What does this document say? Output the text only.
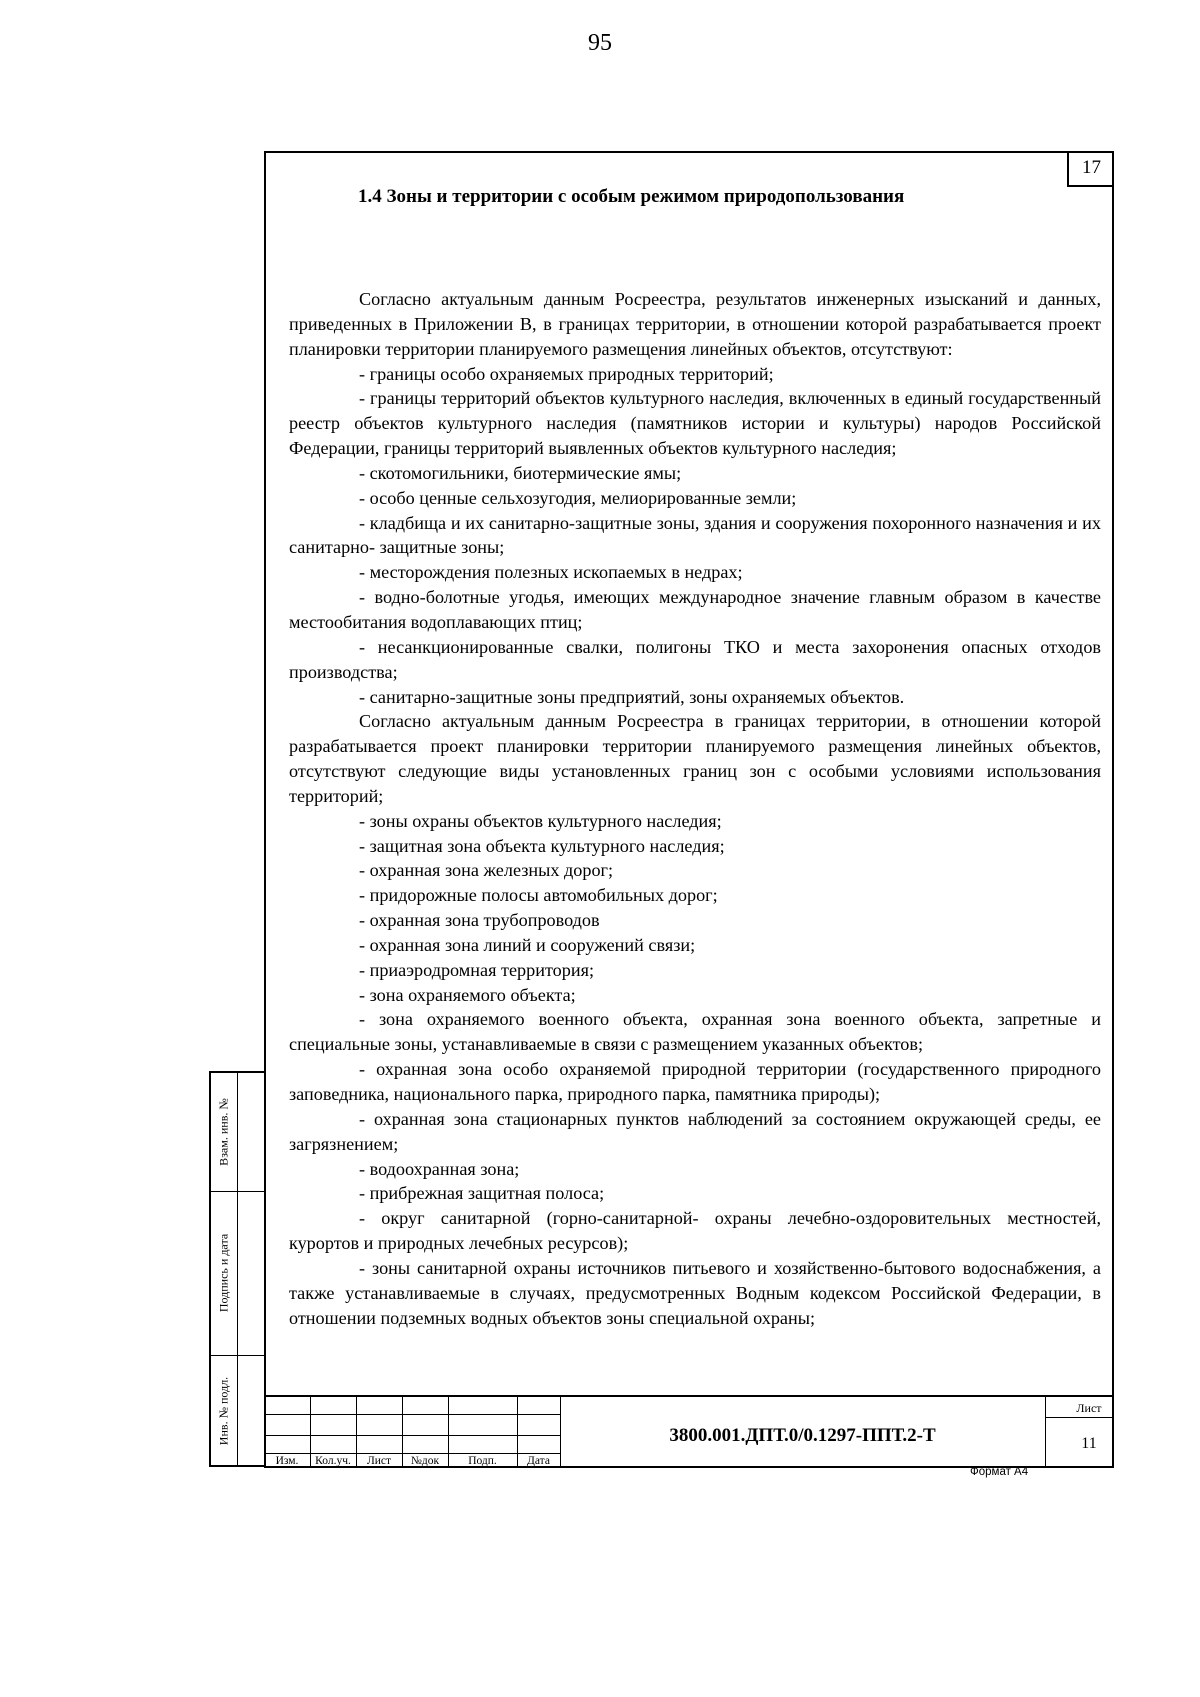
95
17
1.4 Зоны и территории с особым режимом природопользования

Согласно актуальным данным Росреестра, результатов инженерных изысканий и данных, приведенных в Приложении В, в границах территории, в отношении которой разрабатывается проект планировки территории планируемого размещения линейных объектов, отсутствуют:

- границы особо охраняемых природных территорий;

- границы территорий объектов культурного наследия, включенных в единый государственный реестр объектов культурного наследия (памятников истории и культуры) народов Российской Федерации, границы территорий выявленных объектов культурного наследия;

- скотомогильники, биотермические ямы;

- особо ценные сельхозугодия, мелиорированные земли;

- кладбища и их санитарно-защитные зоны, здания и сооружения похоронного назначения и их санитарно- защитные зоны;

- месторождения полезных ископаемых в недрах;

- водно-болотные угодья, имеющих международное значение главным образом в качестве местообитания водоплавающих птиц;

- несанкционированные свалки, полигоны ТКО и места захоронения опасных отходов производства;

- санитарно-защитные зоны предприятий, зоны охраняемых объектов.

Согласно актуальным данным Росреестра в границах территории, в отношении которой разрабатывается проект планировки территории планируемого размещения линейных объектов, отсутствуют следующие виды установленных границ зон с особыми условиями использования территорий;

- зоны охраны объектов культурного наследия;

- защитная зона объекта культурного наследия;

- охранная зона железных дорог;

- придорожные полосы автомобильных дорог;

- охранная зона трубопроводов

- охранная зона линий и сооружений связи;

- приаэродромная территория;

- зона охраняемого объекта;

- зона охраняемого военного объекта, охранная зона военного объекта, запретные и специальные зоны, устанавливаемые в связи с размещением указанных объектов;

- охранная зона особо охраняемой природной территории (государственного природного заповедника, национального парка, природного парка, памятника природы);

- охранная зона стационарных пунктов наблюдений за состоянием окружающей среды, ее загрязнением;

- водоохранная зона;

- прибрежная защитная полоса;

- округ санитарной (горно-санитарной- охраны лечебно-оздоровительных местностей, курортов и природных лечебных ресурсов);

- зоны санитарной охраны источников питьевого и хозяйственно-бытового водоснабжения, а также устанавливаемые в случаях, предусмотренных Водным кодексом Российской Федерации, в отношении подземных водных объектов зоны специальной охраны;

Взам. инв. №
Подпись и дата
Инв. № подл.
Изм.	Кол.уч.	Лист	№док	Подп.	Дата
3800.001.ДПТ.0/0.1297-ППТ.2-Т
Лист
11
Формат А4
